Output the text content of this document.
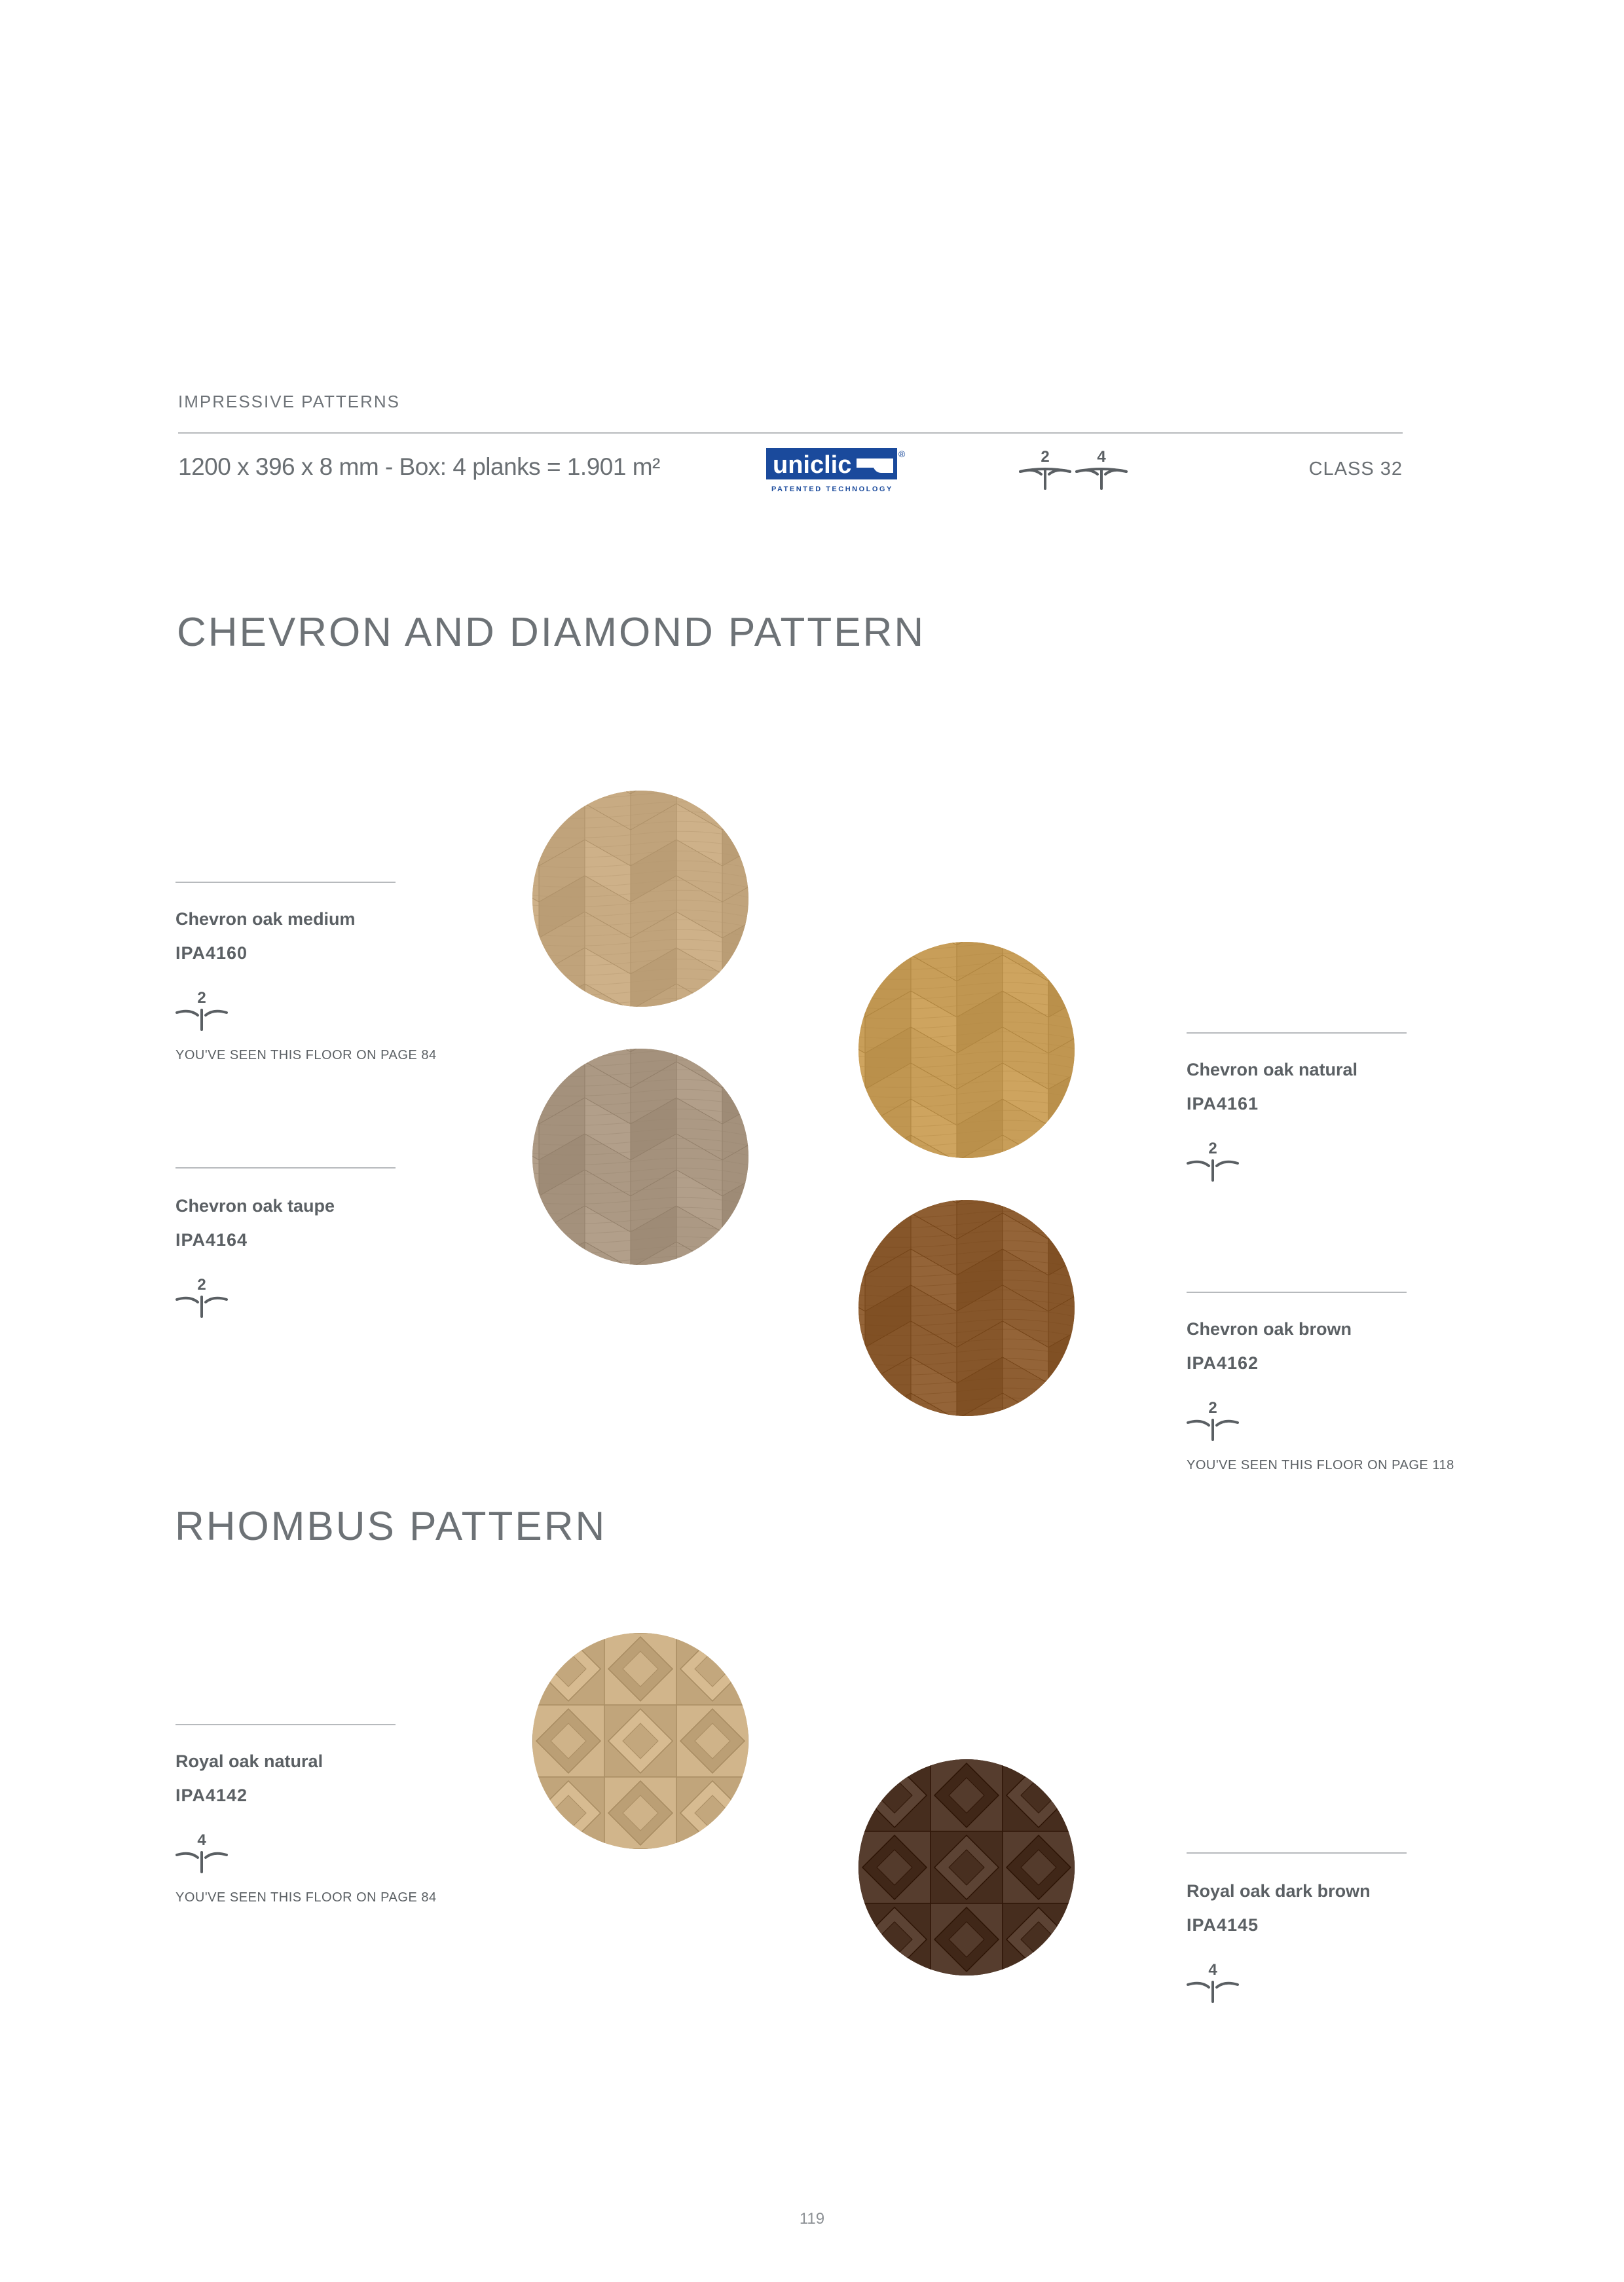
IMPRESSIVE PATTERNS
1200 x 396 x 8 mm - Box: 4 planks = 1.901 m²	uniclic	®
PATENTED TECHNOLOGY
2	4
CLASS 32
CHEVRON AND DIAMOND PATTERN
RHOMBUS PATTERN
Chevron oak medium
IPA4160
2
YOU'VE SEEN THIS FLOOR ON PAGE 84
Chevron oak taupe
IPA4164
2
Chevron oak natural
IPA4161
2
Chevron oak brown
IPA4162
2
YOU'VE SEEN THIS FLOOR ON PAGE 118
Royal oak natural
IPA4142
4
YOU'VE SEEN THIS FLOOR ON PAGE 84	Royal oak dark brown
IPA4145
4
119
